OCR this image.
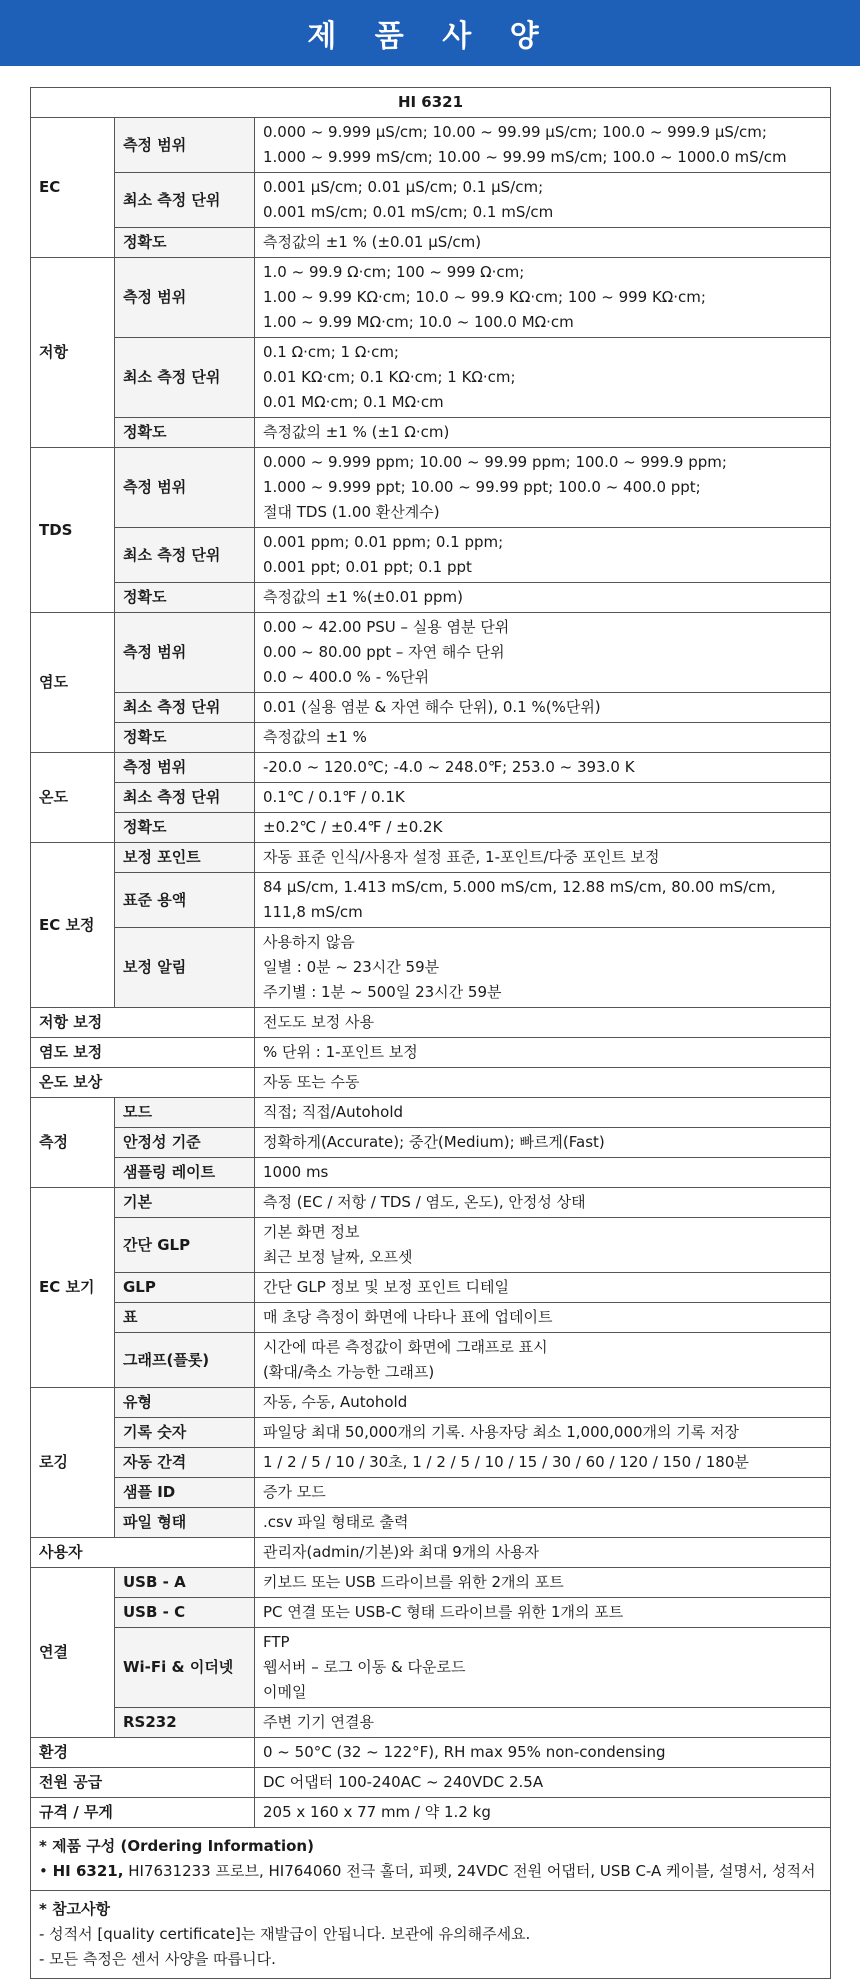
제 품 사 양
HI 6321		
EC	측정 범위	0.000 ~ 9.999 µS/cm; 10.00 ~ 99.99 µS/cm; 100.0 ~ 999.9 µS/cm;
1.000 ~ 9.999 mS/cm; 10.00 ~ 99.99 mS/cm; 100.0 ~ 1000.0 mS/cm

	최소 측정 단위	0.001 µS/cm; 0.01 µS/cm; 0.1 µS/cm;
0.001 mS/cm; 0.01 mS/cm; 0.1 mS/cm

	정확도	측정값의 ±1 % (±0.01 µS/cm)

저항	측정 범위	1.0 ~ 99.9 Ω·cm; 100 ~ 999 Ω·cm;
1.00 ~ 9.99 KΩ·cm; 10.0 ~ 99.9 KΩ·cm; 100 ~ 999 KΩ·cm;
1.00 ~ 9.99 MΩ·cm; 10.0 ~ 100.0 MΩ·cm

	최소 측정 단위	0.1 Ω·cm; 1 Ω·cm;
0.01 KΩ·cm; 0.1 KΩ·cm; 1 KΩ·cm;
0.01 MΩ·cm; 0.1 MΩ·cm

	정확도	측정값의 ±1 % (±1 Ω·cm)

TDS	측정 범위	0.000 ~ 9.999 ppm; 10.00 ~ 99.99 ppm; 100.0 ~ 999.9 ppm;
1.000 ~ 9.999 ppt; 10.00 ~ 99.99 ppt; 100.0 ~ 400.0 ppt;
절대 TDS (1.00 환산계수)

	최소 측정 단위	0.001 ppm; 0.01 ppm; 0.1 ppm;
0.001 ppt; 0.01 ppt; 0.1 ppt

	정확도	측정값의 ±1 %(±0.01 ppm)

염도	측정 범위	0.00 ~ 42.00 PSU – 실용 염분 단위
0.00 ~ 80.00 ppt – 자연 해수 단위
0.0 ~ 400.0 % - %단위

	최소 측정 단위	0.01 (실용 염분 & 자연 해수 단위), 0.1 %(%단위)

	정확도	측정값의 ±1 %

온도	측정 범위	-20.0 ~ 120.0℃; -4.0 ~ 248.0℉; 253.0 ~ 393.0 K

	최소 측정 단위	0.1℃ / 0.1℉ / 0.1K

	정확도	±0.2℃ / ±0.4℉ / ±0.2K

EC 보정	보정 포인트	자동 표준 인식/사용자 설정 표준, 1-포인트/다중 포인트 보정

	표준 용액	84 µS/cm, 1.413 mS/cm, 5.000 mS/cm, 12.88 mS/cm, 80.00 mS/cm,
111,8 mS/cm

	보정 알림	사용하지 않음
일별 : 0분 ~ 23시간 59분
주기별 : 1분 ~ 500일 23시간 59분

저항 보정		전도도 보정 사용

염도 보정		% 단위 : 1-포인트 보정

온도 보상		자동 또는 수동

측정	모드	직접; 직접/Autohold

	안정성 기준	정확하게(Accurate); 중간(Medium); 빠르게(Fast)

	샘플링 레이트	1000 ms

EC 보기	기본	측정 (EC / 저항 / TDS / 염도, 온도), 안정성 상태

	간단 GLP	기본 화면 정보
최근 보정 날짜, 오프셋

	GLP	간단 GLP 정보 및 보정 포인트 디테일

	표	매 초당 측정이 화면에 나타나 표에 업데이트

	그래프(플롯)	시간에 따른 측정값이 화면에 그래프로 표시
(확대/축소 가능한 그래프)

로깅	유형	자동, 수동, Autohold

	기록 숫자	파일당 최대 50,000개의 기록. 사용자당 최소 1,000,000개의 기록 저장

	자동 간격	1 / 2 / 5 / 10 / 30초, 1 / 2 / 5 / 10 / 15 / 30 / 60 / 120 / 150 / 180분

	샘플 ID	증가 모드

	파일 형태	.csv 파일 형태로 출력

사용자		관리자(admin/기본)와 최대 9개의 사용자

연결	USB - A	키보드 또는 USB 드라이브를 위한 2개의 포트

	USB - C	PC 연결 또는 USB-C 형태 드라이브를 위한 1개의 포트

	Wi-Fi & 이더넷	FTP
웹서버 – 로그 이동 & 다운로드
이메일

	RS232	주변 기기 연결용

환경		0 ~ 50°C (32 ~ 122°F), RH max 95% non-condensing

전원 공급		DC 어댑터 100-240AC ~ 240VDC 2.5A

규격 / 무게		205 x 160 x 77 mm / 약 1.2 kg

* 제품 구성 (Ordering Information)
• HI 6321, HI7631233 프로브, HI764060 전극 홀더, 피펫, 24VDC 전원 어댑터, USB C-A 케이블, 설명서, 성적서		

* 참고사항
- 성적서 [quality certificate]는 재발급이 안됩니다. 보관에 유의해주세요.
- 모든 측정은 센서 사양을 따릅니다.		
